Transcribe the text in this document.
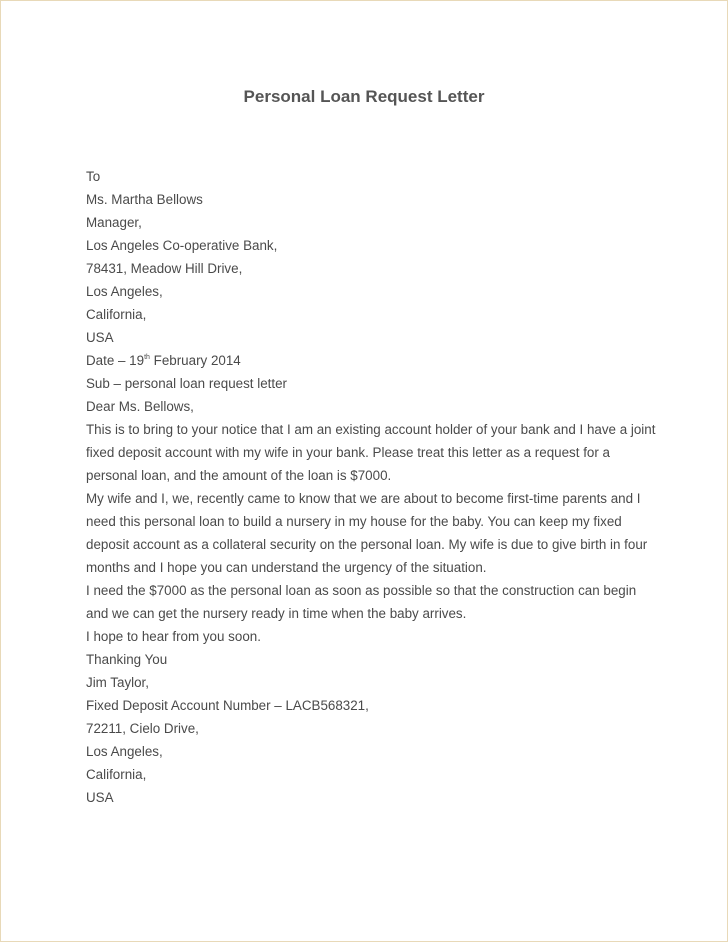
Personal Loan Request Letter
To
Ms. Martha Bellows
Manager,
Los Angeles Co-operative Bank,
78431, Meadow Hill Drive,
Los Angeles,
California,
USA
Date – 19th February 2014
Sub – personal loan request letter
Dear Ms. Bellows,
This is to bring to your notice that I am an existing account holder of your bank and I have a joint
fixed deposit account with my wife in your bank. Please treat this letter as a request for a
personal loan, and the amount of the loan is $7000.
My wife and I, we, recently came to know that we are about to become first-time parents and I
need this personal loan to build a nursery in my house for the baby. You can keep my fixed
deposit account as a collateral security on the personal loan. My wife is due to give birth in four
months and I hope you can understand the urgency of the situation.
I need the $7000 as the personal loan as soon as possible so that the construction can begin
and we can get the nursery ready in time when the baby arrives.
I hope to hear from you soon.
Thanking You
Jim Taylor,
Fixed Deposit Account Number – LACB568321,
72211, Cielo Drive,
Los Angeles,
California,
USA
